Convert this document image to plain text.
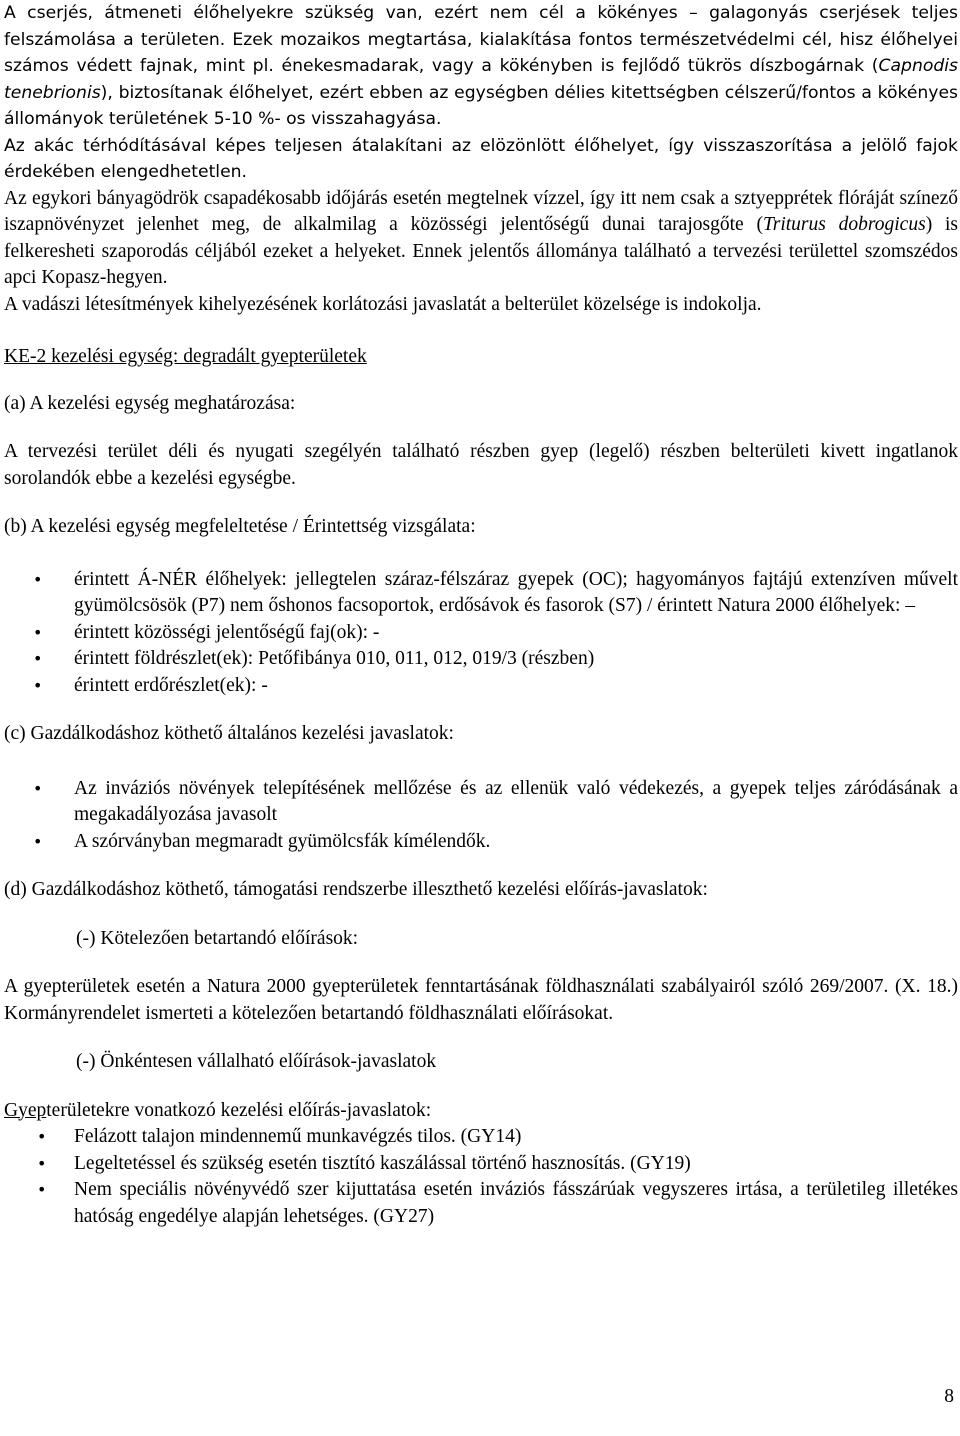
A cserjés, átmeneti élőhelyekre szükség van, ezért nem cél a kökényes – galagonyás cserjések teljes felszámolása a területen. Ezek mozaikos megtartása, kialakítása fontos természetvédelmi cél, hisz élőhelyei számos védett fajnak, mint pl. énekesmadarak, vagy a kökényben is fejlődő tükrös díszbogárnak (Capnodis tenebrionis), biztosítanak élőhelyet, ezért ebben az egységben délies kitettségben célszerű/fontos a kökényes állományok területének 5-10 %- os visszahagyása.

Az akác térhódításával képes teljesen átalakítani az elözönlött élőhelyet, így visszaszorítása a jelölő fajok érdekében elengedhetetlen.

Az egykori bányagödrök csapadékosabb időjárás esetén megtelnek vízzel, így itt nem csak a sztyepprétek flóráját színező iszapnövényzet jelenhet meg, de alkalmilag a közösségi jelentőségű dunai tarajosgőte (Triturus dobrogicus) is felkeresheti szaporodás céljából ezeket a helyeket. Ennek jelentős állománya található a tervezési területtel szomszédos apci Kopasz-hegyen.

A vadászi létesítmények kihelyezésének korlátozási javaslatát a belterület közelsége is indokolja.

KE-2 kezelési egység: degradált gyepterületek

(a) A kezelési egység meghatározása:

A tervezési terület déli és nyugati szegélyén található részben gyep (legelő) részben belterületi kivett ingatlanok sorolandók ebbe a kezelési egységbe.

(b) A kezelési egység megfeleltetése / Érintettség vizsgálata:

• érintett Á-NÉR élőhelyek: jellegtelen száraz-félszáraz gyepek (OC); hagyományos fajtájú extenzíven művelt gyümölcsösök (P7) nem őshonos facsoportok, erdősávok és fasorok (S7) / érintett Natura 2000 élőhelyek: –
• érintett közösségi jelentőségű faj(ok): -
• érintett földrészlet(ek): Petőfibánya 010, 011, 012, 019/3 (részben)
• érintett erdőrészlet(ek): -

(c) Gazdálkodáshoz köthető általános kezelési javaslatok:

• Az inváziós növények telepítésének mellőzése és az ellenük való védekezés, a gyepek teljes záródásának a megakadályozása javasolt
• A szórványban megmaradt gyümölcsfák kímélendők.

(d) Gazdálkodáshoz köthető, támogatási rendszerbe illeszthető kezelési előírás-javaslatok:

(-) Kötelezően betartandó előírások:

A gyepterületek esetén a Natura 2000 gyepterületek fenntartásának földhasználati szabályairól szóló 269/2007. (X. 18.) Kormányrendelet ismerteti a kötelezően betartandó földhasználati előírásokat.

(-) Önkéntesen vállalható előírások-javaslatok

Gyepterületekre vonatkozó kezelési előírás-javaslatok:

• Felázott talajon mindennemű munkavégzés tilos. (GY14)
• Legeltetéssel és szükség esetén tisztító kaszálással történő hasznosítás. (GY19)
• Nem speciális növényvédő szer kijuttatása esetén inváziós fásszárúak vegyszeres irtása, a területileg illetékes hatóság engedélye alapján lehetséges. (GY27)
8
